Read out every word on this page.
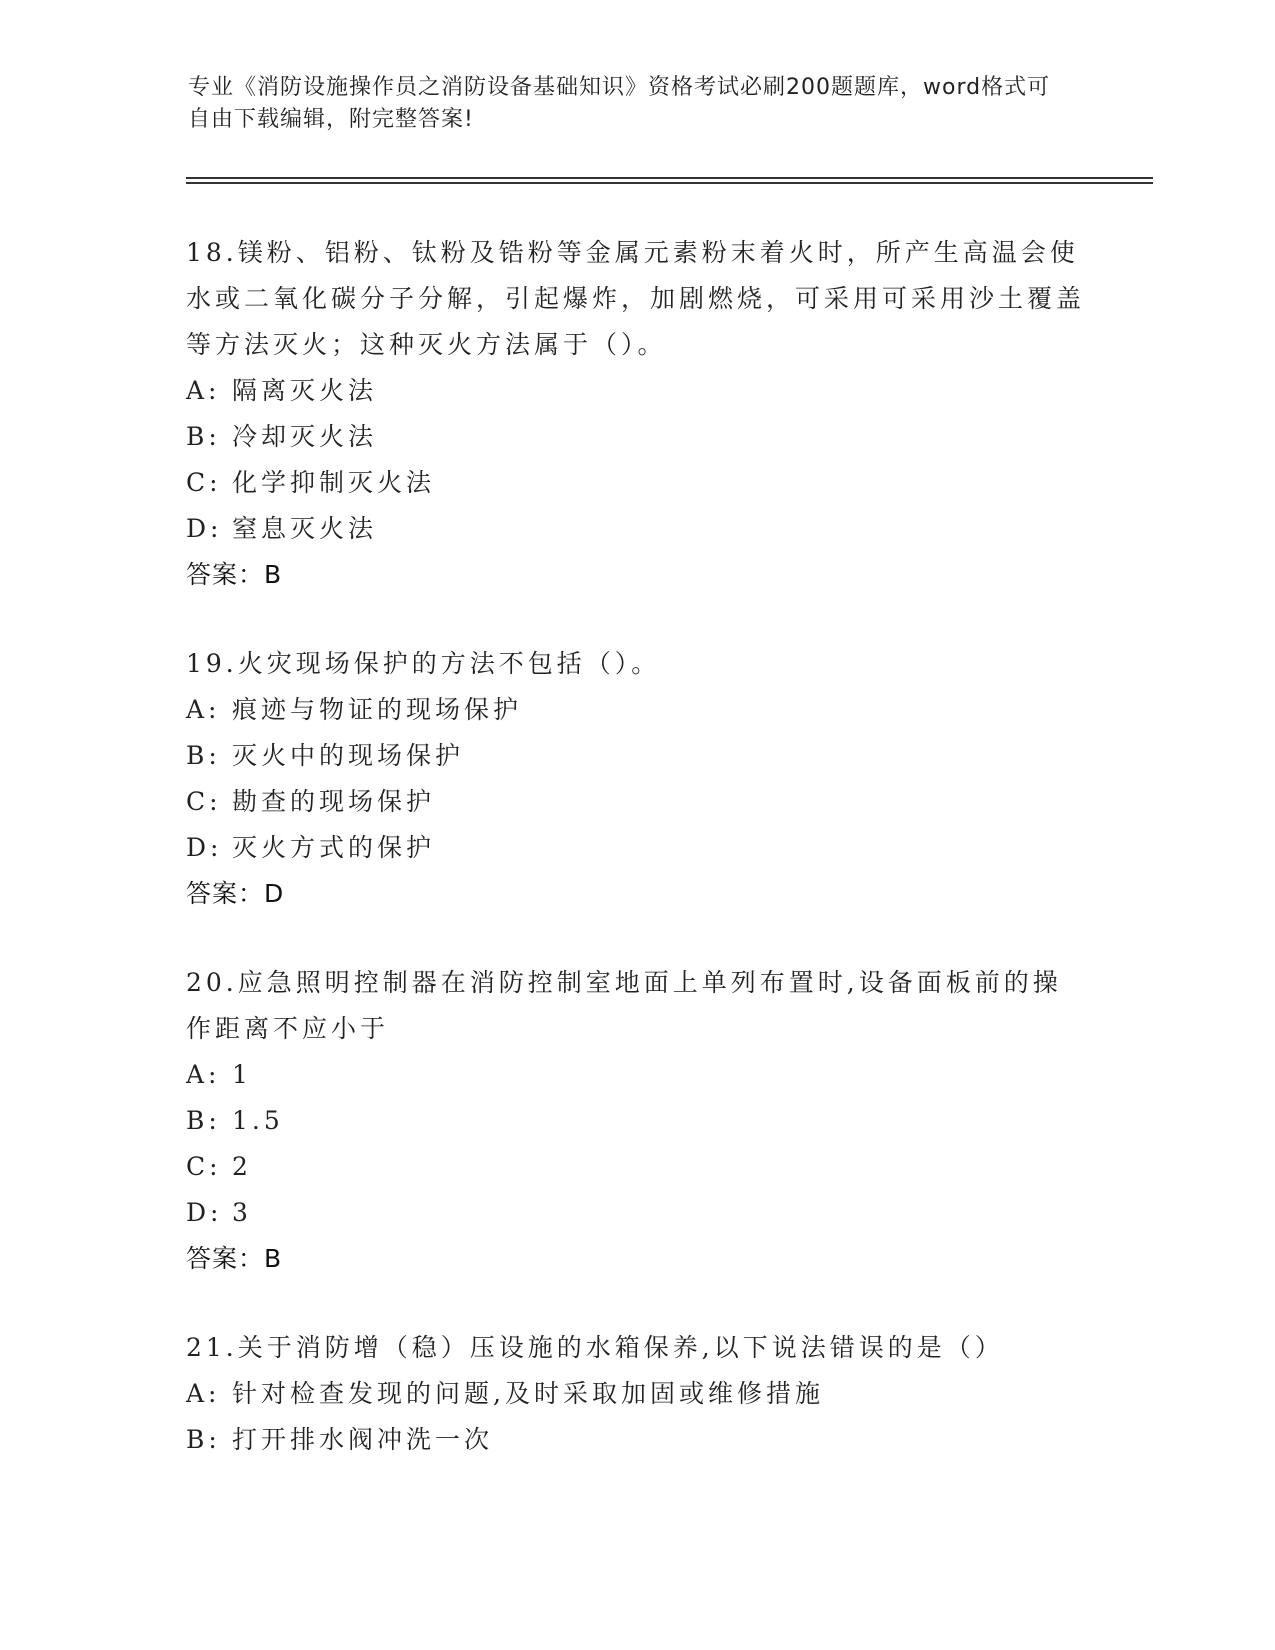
专业《消防设施操作员之消防设备基础知识》资格考试必刷200题题库，word格式可自由下载编辑，附完整答案!
18.镁粉、铝粉、钛粉及锆粉等金属元素粉末着火时，所产生高温会使水或二氧化碳分子分解，引起爆炸，加剧燃烧，可采用可采用沙土覆盖等方法灭火；这种灭火方法属于（）。
A: 隔离灭火法
B: 冷却灭火法
C: 化学抑制灭火法
D: 窒息灭火法
答案：B
19.火灾现场保护的方法不包括（）。
A: 痕迹与物证的现场保护
B: 灭火中的现场保护
C: 勘查的现场保护
D: 灭火方式的保护
答案：D
20.应急照明控制器在消防控制室地面上单列布置时,设备面板前的操作距离不应小于
A: 1
B: 1.5
C: 2
D: 3
答案：B
21.关于消防增（稳）压设施的水箱保养,以下说法错误的是（）
A: 针对检查发现的问题,及时采取加固或维修措施
B: 打开排水阀冲洗一次
